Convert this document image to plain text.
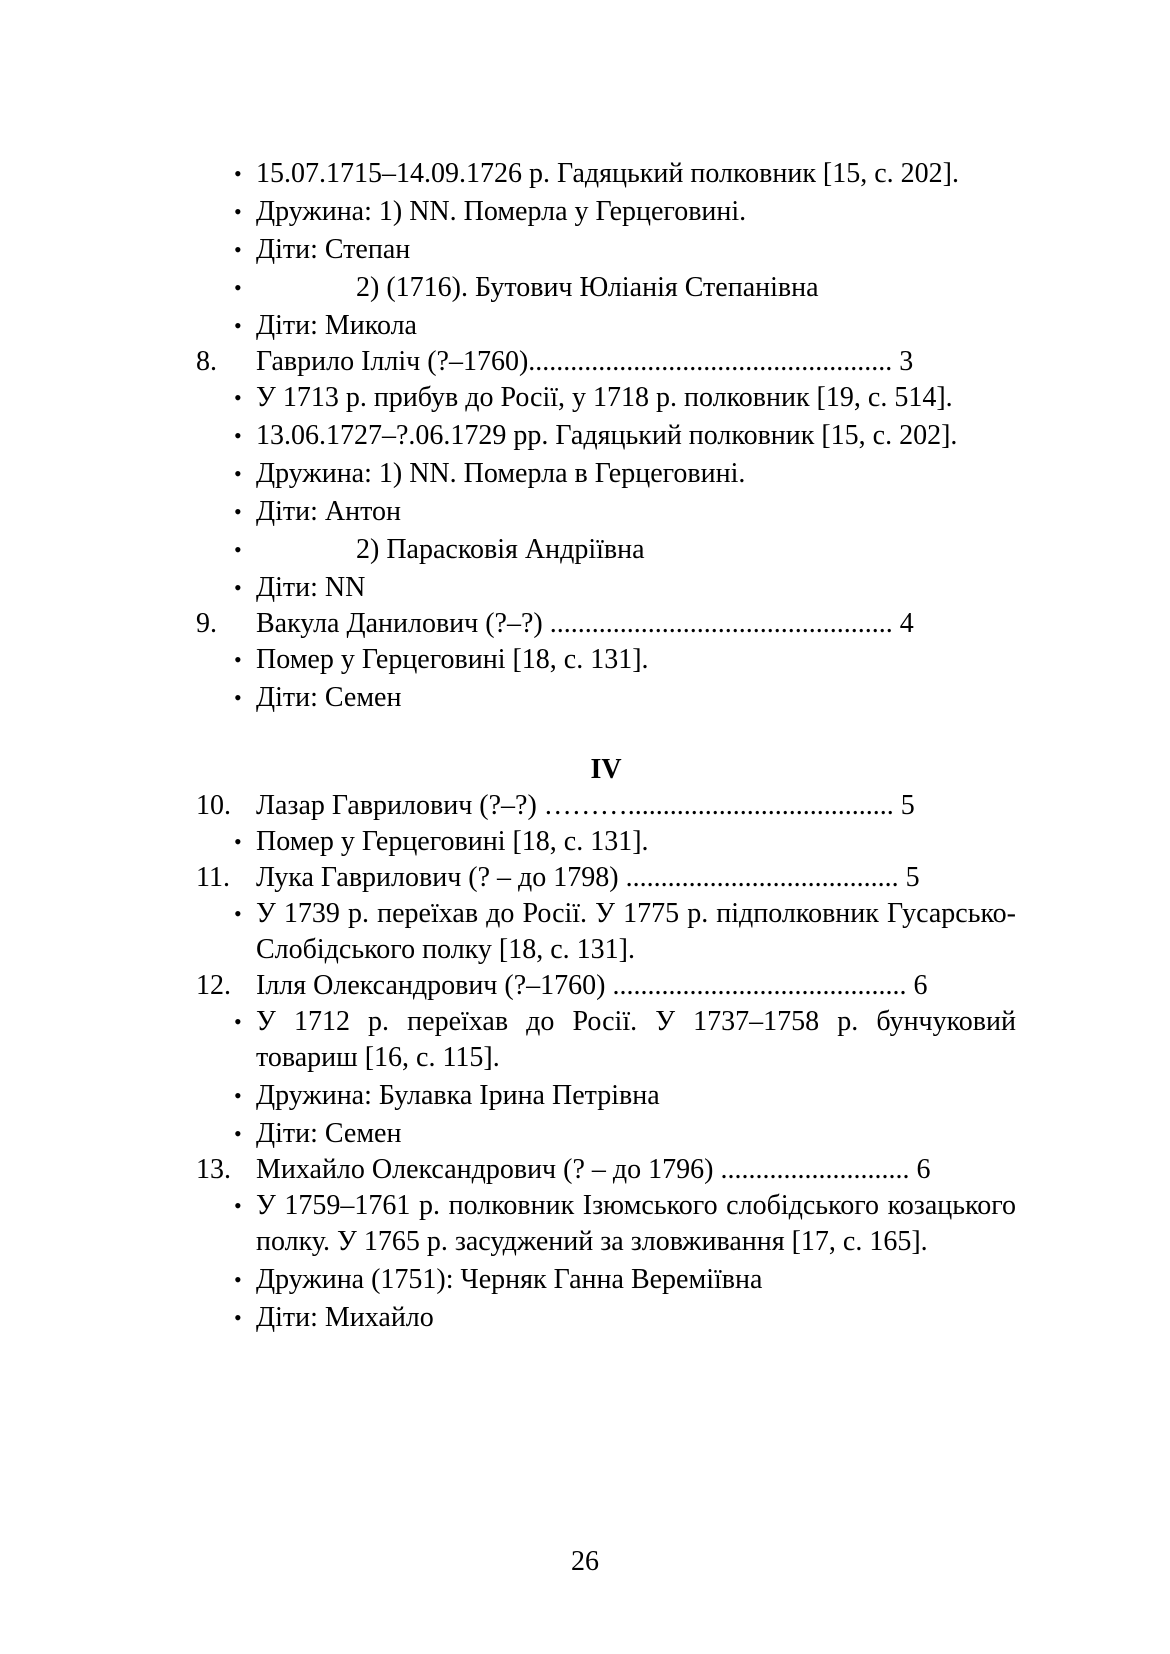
• 15.07.1715–14.09.1726 р. Гадяцький полковник [15, с. 202].
• Дружина: 1) NN. Померла у Герцеговині.
• Діти: Степан
•	2) (1716). Бутович Юліанія Степанівна
• Діти: Микола
8. Гаврило Ілліч (?–1760).................................................... 3
• У 1713 р. прибув до Росії, у 1718 р. полковник [19, с. 514].
• 13.06.1727–?.06.1729 рр. Гадяцький полковник [15, с. 202].
• Дружина: 1) NN. Померла в Герцеговині.
• Діти: Антон
•	2) Парасковія Андріївна
• Діти: NN
9. Вакула Данилович (?–?) ................................................. 4
• Помер у Герцеговині [18, с. 131].
• Діти: Семен
IV
10. Лазар Гаврилович (?–?) ………...................................... 5
• Помер у Герцеговині [18, с. 131].
11. Лука Гаврилович (? – до 1798) ....................................... 5
• У 1739 р. переїхав до Росії. У 1775 р. підполковник Гусарсько-Слобідського полку [18, с. 131].
12. Ілля Олександрович (?–1760) .......................................... 6
• У 1712 р. переїхав до Росії. У 1737–1758 р. бунчуковий товариш [16, с. 115].
• Дружина: Булавка Ірина Петрівна
• Діти: Семен
13. Михайло Олександрович (? – до 1796) ........................... 6
• У 1759–1761 р. полковник Ізюмського слобідського козацького полку. У 1765 р. засуджений за зловживання [17, с. 165].
• Дружина (1751): Черняк Ганна Вереміївна
• Діти: Михайло
26
